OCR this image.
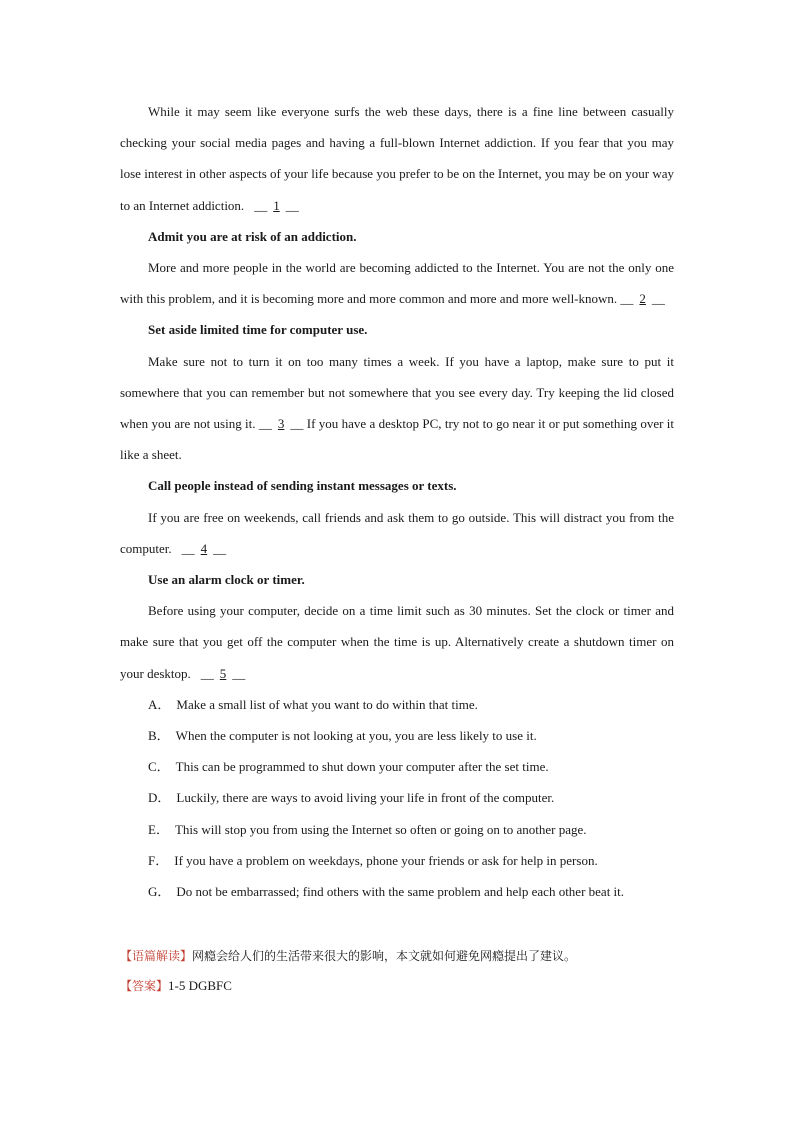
While it may seem like everyone surfs the web these days, there is a fine line between casually checking your social media pages and having a full‑blown Internet addiction. If you fear that you may lose interest in other aspects of your life because you prefer to be on the Internet, you may be on your way to an Internet addiction. __ 1 __

Admit you are at risk of an addiction.

More and more people in the world are becoming addicted to the Internet. You are not the only one with this problem, and it is becoming more and more common and more and more well‑known. __ 2 __

Set aside limited time for computer use.

Make sure not to turn it on too many times a week. If you have a laptop, make sure to put it somewhere that you can remember but not somewhere that you see every day. Try keeping the lid closed when you are not using it. __ 3 __ If you have a desktop PC, try not to go near it or put something over it like a sheet.

Call people instead of sending instant messages or texts.

If you are free on weekends, call friends and ask them to go outside. This will distract you from the computer. __ 4 __

Use an alarm clock or timer.

Before using your computer, decide on a time limit such as 30 minutes. Set the clock or timer and make sure that you get off the computer when the time is up. Alternatively create a shutdown timer on your desktop. __ 5 __

A． Make a small list of what you want to do within that time.

B． When the computer is not looking at you, you are less likely to use it.

C． This can be programmed to shut down your computer after the set time.

D． Luckily, there are ways to avoid living your life in front of the computer.

E． This will stop you from using the Internet so often or going on to another page.

F． If you have a problem on weekdays, phone your friends or ask for help in person.

G． Do not be embarrassed; find others with the same problem and help each other beat it.

【语篇解读】网瘾会给人们的生活带来很大的影响，本文就如何避免网瘾提出了建议。
【答案】1-5 DGBFC
